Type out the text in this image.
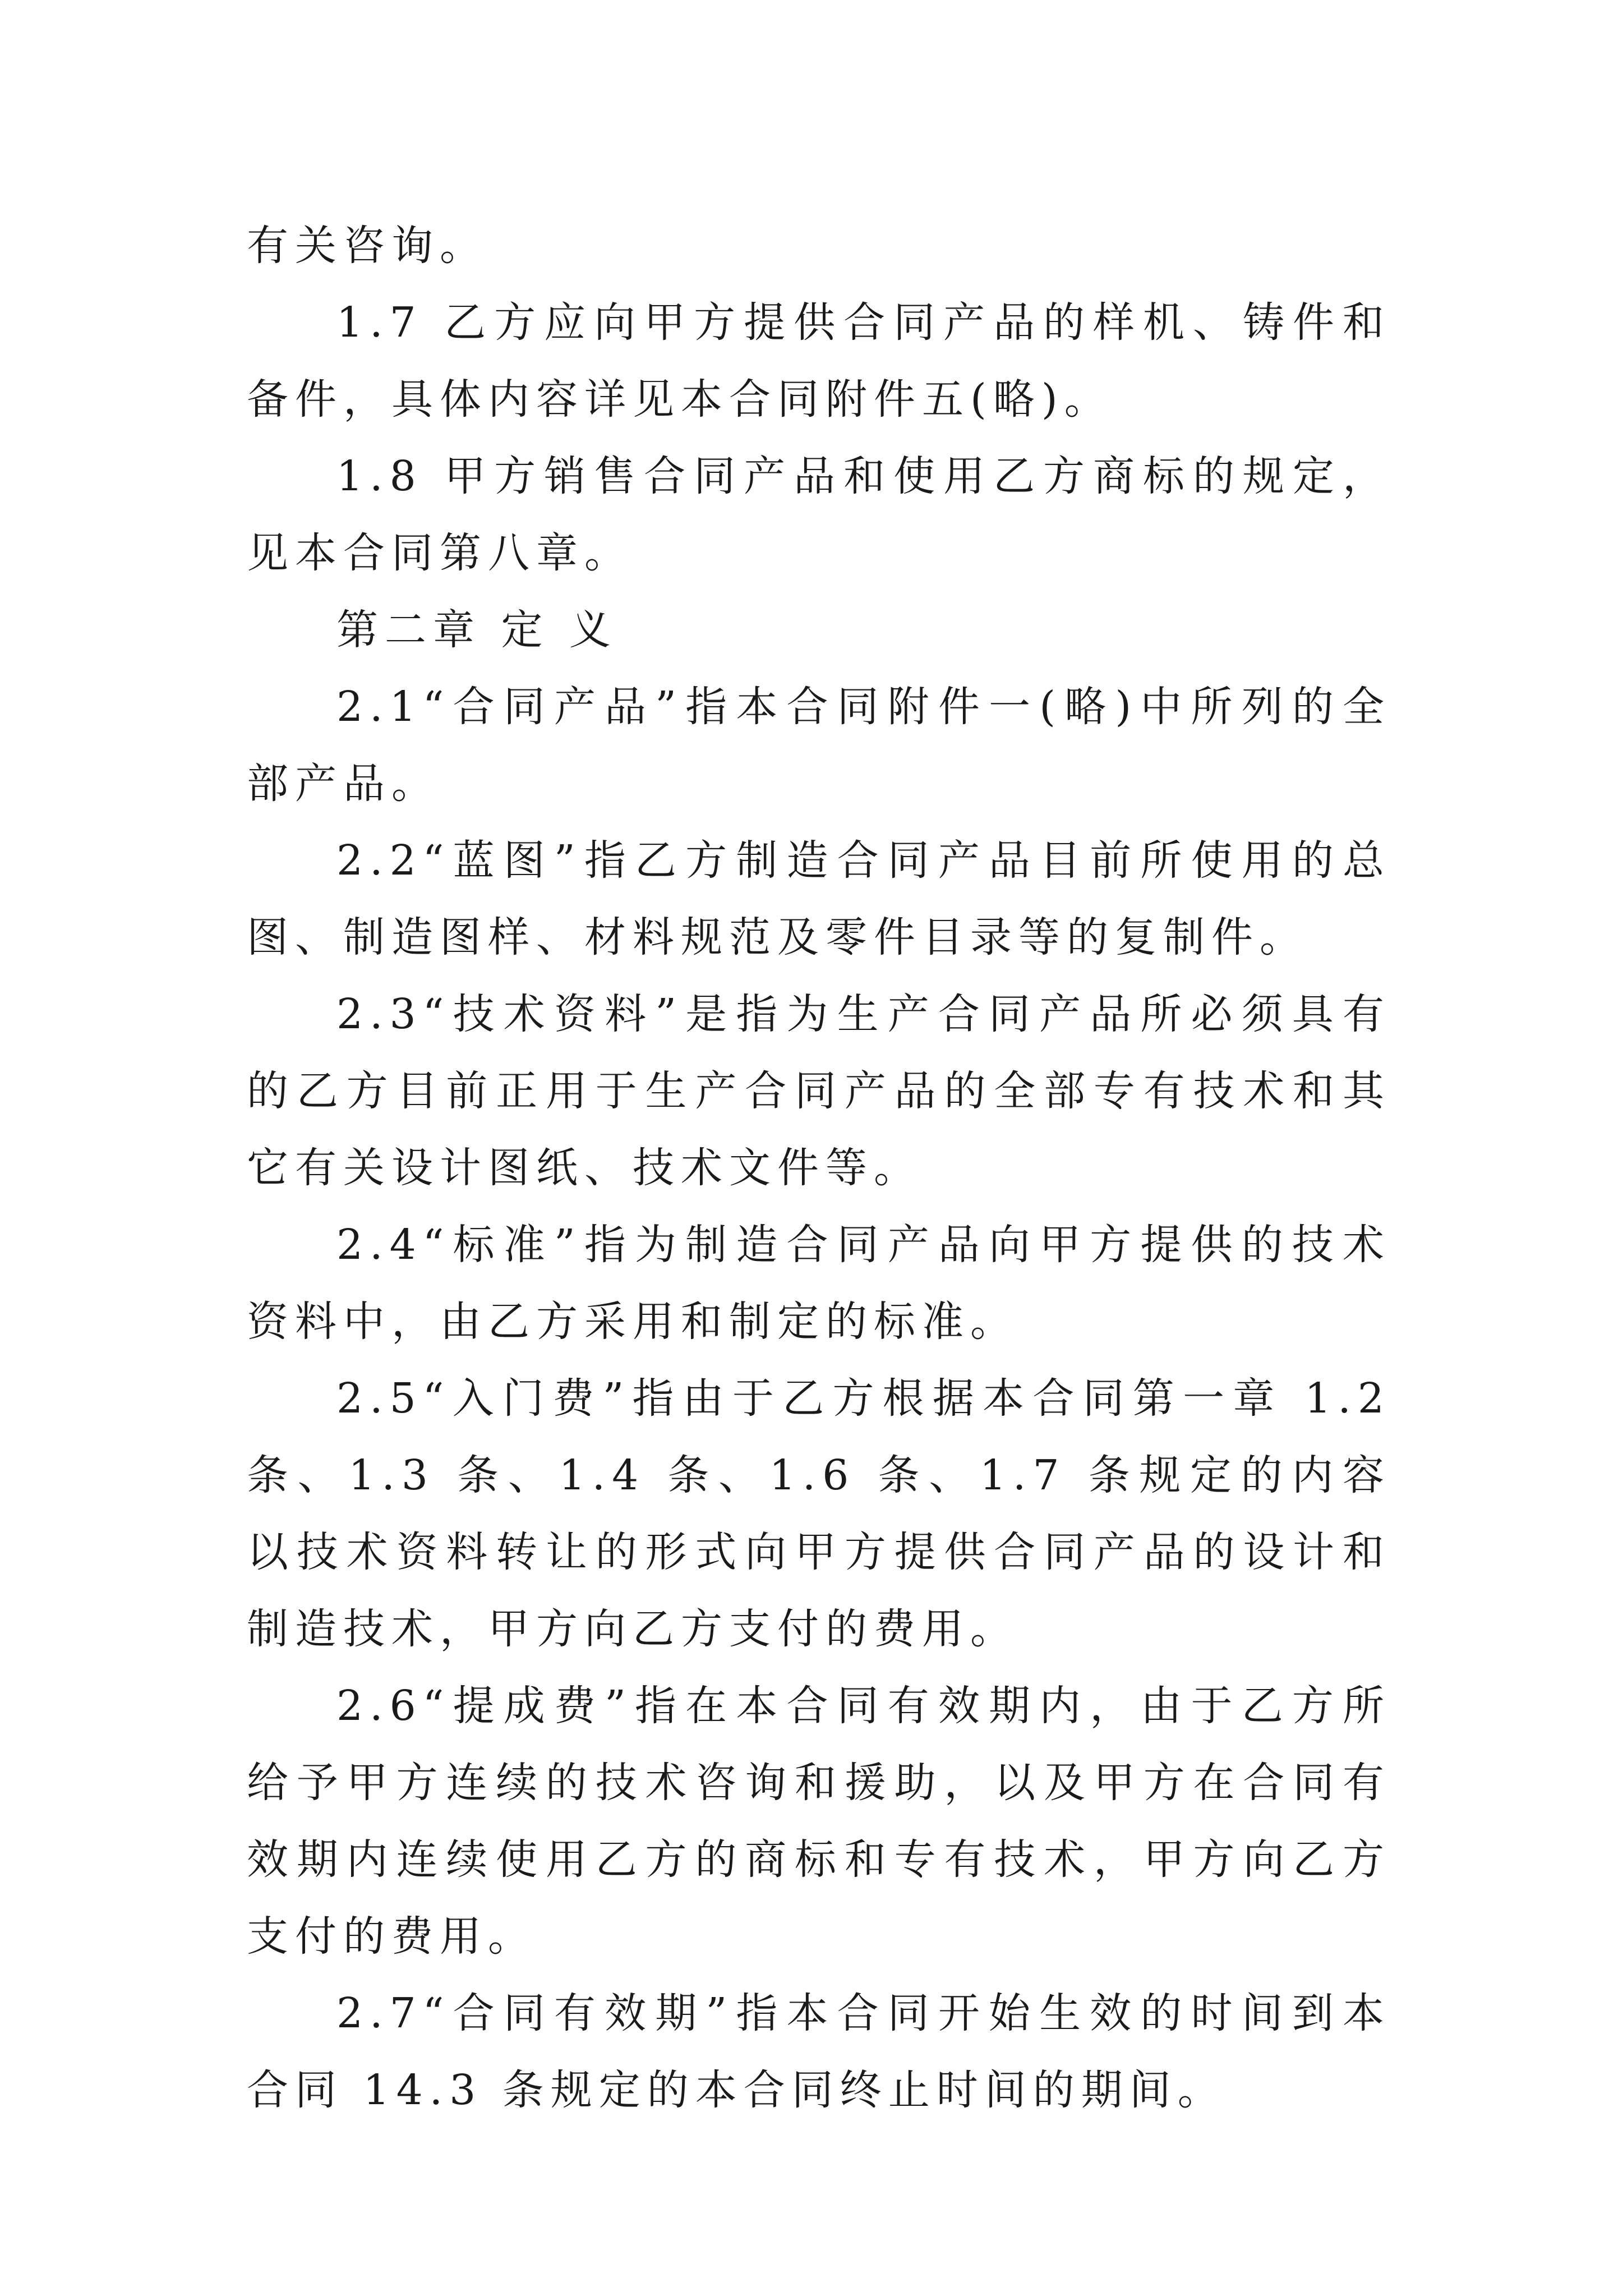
有关咨询。

1.7 乙方应向甲方提供合同产品的样机、铸件和备件，具体内容详见本合同附件五(略)。

1.8 甲方销售合同产品和使用乙方商标的规定，见本合同第八章。

第二章 定 义

2.1“合同产品”指本合同附件一(略)中所列的全部产品。

2.2“蓝图”指乙方制造合同产品目前所使用的总图、制造图样、材料规范及零件目录等的复制件。

2.3“技术资料”是指为生产合同产品所必须具有的乙方目前正用于生产合同产品的全部专有技术和其它有关设计图纸、技术文件等。

2.4“标准”指为制造合同产品向甲方提供的技术资料中，由乙方采用和制定的标准。

2.5“入门费”指由于乙方根据本合同第一章 1.2 条、1.3 条、1.4 条、1.6 条、1.7 条规定的内容以技术资料转让的形式向甲方提供合同产品的设计和制造技术，甲方向乙方支付的费用。

2.6“提成费”指在本合同有效期内，由于乙方所给予甲方连续的技术咨询和援助，以及甲方在合同有效期内连续使用乙方的商标和专有技术，甲方向乙方支付的费用。

2.7“合同有效期”指本合同开始生效的时间到本合同 14.3 条规定的本合同终止时间的期间。
